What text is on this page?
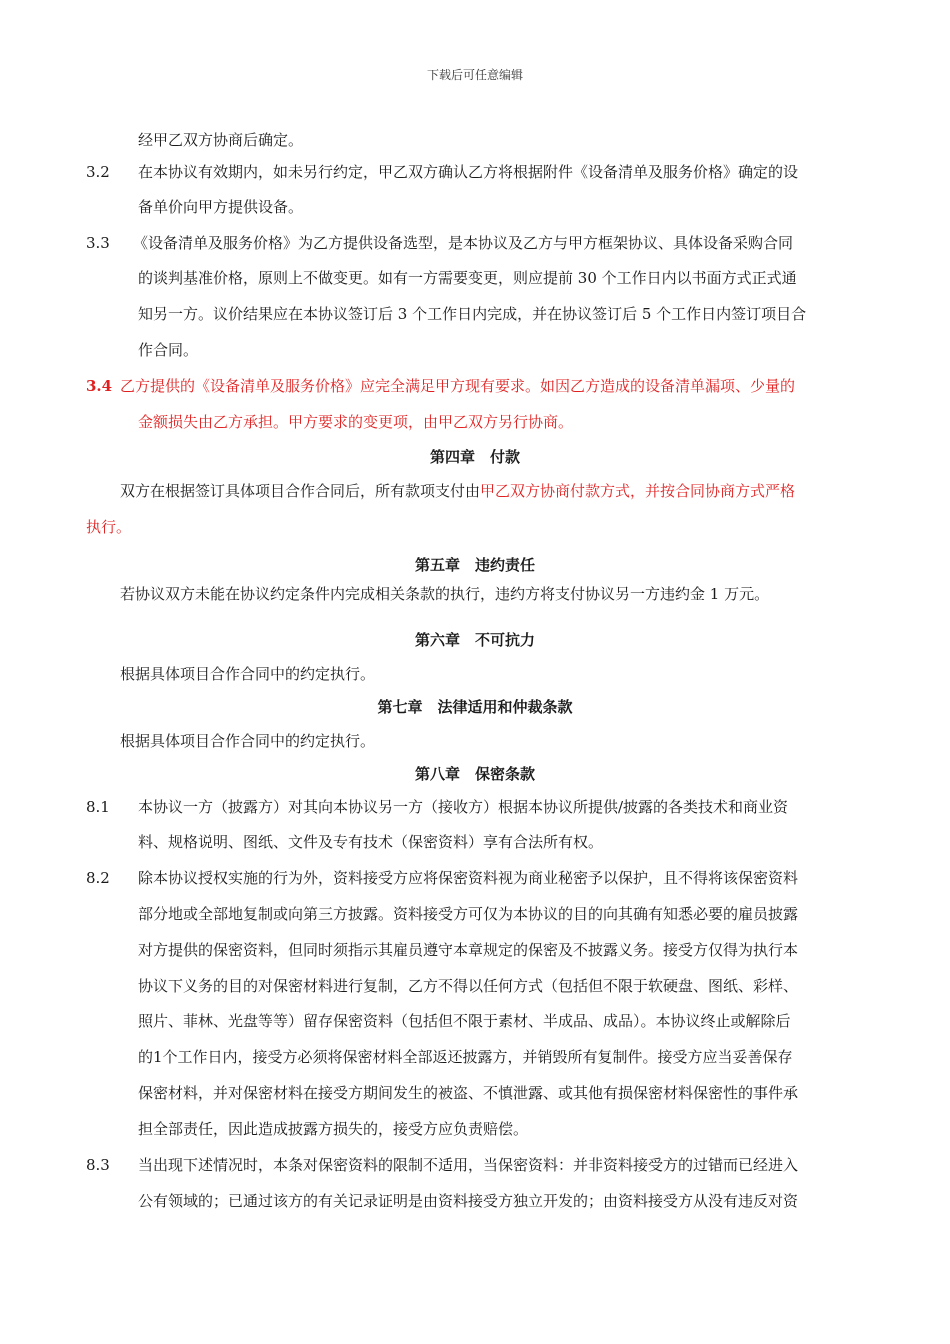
下载后可任意编辑
经甲乙双方协商后确定。
3.2 在本协议有效期内，如未另行约定，甲乙双方确认乙方将根据附件《设备清单及服务价格》确定的设
备单价向甲方提供设备。
3.3 《设备清单及服务价格》为乙方提供设备选型，是本协议及乙方与甲方框架协议、具体设备采购合同
的谈判基准价格，原则上不做变更。如有一方需要变更，则应提前 30 个工作日内以书面方式正式通
知另一方。议价结果应在本协议签订后 3 个工作日内完成，并在协议签订后 5 个工作日内签订项目合
作合同。
3.4 乙方提供的《设备清单及服务价格》应完全满足甲方现有要求。如因乙方造成的设备清单漏项、少量的
金额损失由乙方承担。甲方要求的变更项，由甲乙双方另行协商。
第四章　付款
双方在根据签订具体项目合作合同后，所有款项支付由甲乙双方协商付款方式，并按合同协商方式严格
执行。
第五章　违约责任
若协议双方未能在协议约定条件内完成相关条款的执行，违约方将支付协议另一方违约金 1 万元。
第六章　不可抗力
根据具体项目合作合同中的约定执行。
第七章　法律适用和仲裁条款
根据具体项目合作合同中的约定执行。
第八章　保密条款
8.1 本协议一方（披露方）对其向本协议另一方（接收方）根据本协议所提供/披露的各类技术和商业资
料、规格说明、图纸、文件及专有技术（保密资料）享有合法所有权。
8.2 除本协议授权实施的行为外，资料接受方应将保密资料视为商业秘密予以保护，且不得将该保密资料
部分地或全部地复制或向第三方披露。资料接受方可仅为本协议的目的向其确有知悉必要的雇员披露
对方提供的保密资料，但同时须指示其雇员遵守本章规定的保密及不披露义务。接受方仅得为执行本
协议下义务的目的对保密材料进行复制，乙方不得以任何方式（包括但不限于软硬盘、图纸、彩样、
照片、菲林、光盘等等）留存保密资料（包括但不限于素材、半成品、成品）。本协议终止或解除后
的1个工作日内，接受方必须将保密材料全部返还披露方，并销毁所有复制件。接受方应当妥善保存
保密材料，并对保密材料在接受方期间发生的被盗、不慎泄露、或其他有损保密材料保密性的事件承
担全部责任，因此造成披露方损失的，接受方应负责赔偿。
8.3 当出现下述情况时，本条对保密资料的限制不适用，当保密资料：并非资料接受方的过错而已经进入
公有领域的；已通过该方的有关记录证明是由资料接受方独立开发的；由资料接受方从没有违反对资
